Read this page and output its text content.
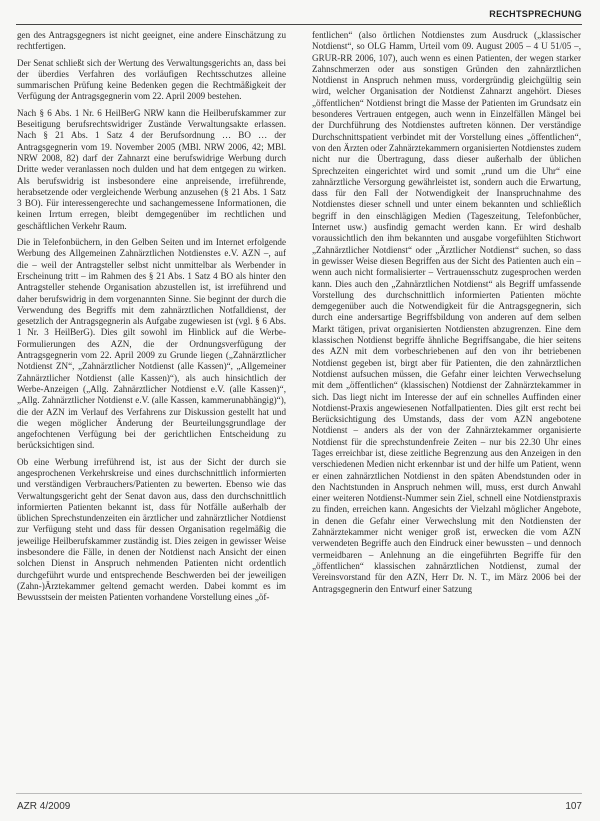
RECHTSPRECHUNG

gen des Antragsgegners ist nicht geeignet, eine andere Einschätzung zu rechtfertigen.

Der Senat schließt sich der Wertung des Verwaltungsgerichts an, dass bei der überdies Verfahren des vorläufigen Rechtsschutzes alleine summarischen Prüfung keine Bedenken gegen die Rechtmäßigkeit der Verfügung der Antragsgegnerin vom 22. April 2009 bestehen.

Nach § 6 Abs. 1 Nr. 6 HeilBerG NRW kann die Heilberufskammer zur Beseitigung berufsrechtswidriger Zustände Verwaltungsakte erlassen. Nach § 21 Abs. 1 Satz 4 der Berufsordnung … BO … der Antragsgegnerin vom 19. November 2005 (MBl. NRW 2006, 42; MBl. NRW 2008, 82) darf der Zahnarzt eine berufswidrige Werbung durch Dritte weder veranlassen noch dulden und hat dem entgegen zu wirken. Als berufswidrig ist insbesondere eine anpreisende, irreführende, herabsetzende oder vergleichende Werbung anzusehen (§ 21 Abs. 1 Satz 3 BO). Für interessengerechte und sachangemessene Informationen, die keinen Irrtum erregen, bleibt demgegenüber im rechtlichen und geschäftlichen Verkehr Raum.

Die in Telefonbüchern, in den Gelben Seiten und im Internet erfolgende Werbung des Allgemeinen Zahnärztlichen Notdienstes e.V. AZN –, auf die – weil der Antragsteller selbst nicht unmittelbar als Werbender in Erscheinung tritt – im Rahmen des § 21 Abs. 1 Satz 4 BO als hinter den Antragsteller stehende Organisation abzustellen ist, ist irreführend und daher berufswidrig in dem vorgenannten Sinne. Sie beginnt der durch die Verwendung des Begriffs mit dem zahnärztlichen Notfalldienst, der gesetzlich der Antragsgegnerin als Aufgabe zugewiesen ist (vgl. § 6 Abs. 1 Nr. 3 HeilBerG). Dies gilt sowohl im Hinblick auf die Werbe-Formulierungen des AZN, die der Ordnungsverfügung der Antragsgegnerin vom 22. April 2009 zu Grunde liegen („Zahnärztlicher Notdienst ZN“, „Zahnärztlicher Notdienst (alle Kassen)“, „Allgemeiner Zahnärztlicher Notdienst (alle Kassen)“), als auch hinsichtlich der Werbe-Anzeigen („Allg. Zahnärztlicher Notdienst e.V. (alle Kassen)“, „Allg. Zahnärztlicher Notdienst e.V. (alle Kassen, kammerunabhängig)“), die der AZN im Verlauf des Verfahrens zur Diskussion gestellt hat und die wegen möglicher Änderung der Beurteilungsgrundlage der angefochtenen Verfügung bei der gerichtlichen Entscheidung zu berücksichtigen sind.

Ob eine Werbung irreführend ist, ist aus der Sicht der durch sie angesprochenen Verkehrskreise und eines durchschnittlich informierten und verständigen Verbrauchers/Patienten zu bewerten. Ebenso wie das Verwaltungsgericht geht der Senat davon aus, dass den durchschnittlich informierten Patienten bekannt ist, dass für Notfälle außerhalb der üblichen Sprechstundenzeiten ein ärztlicher und zahnärztlicher Notdienst zur Verfügung steht und dass für dessen Organisation regelmäßig die jeweilige Heilberufskammer zuständig ist. Dies zeigen in gewisser Weise insbesondere die Fälle, in denen der Notdienst nach Ansicht der einen solchen Dienst in Anspruch nehmenden Patienten nicht ordentlich durchgeführt wurde und entsprechende Beschwerden bei der jeweiligen (Zahn-)Ärztekammer geltend gemacht werden. Dabei kommt es im Bewusstsein der meisten Patienten vorhandene Vorstellung eines „öf-

fentlichen“ (also örtlichen Notdienstes zum Ausdruck („klassischer Notdienst“, so OLG Hamm, Urteil vom 09. August 2005 – 4 U 51/05 –, GRUR-RR 2006, 107), auch wenn es einen Patienten, der wegen starker Zahnschmerzen oder aus sonstigen Gründen den zahnärztlichen Notdienst in Anspruch nehmen muss, vordergründig gleichgültig sein wird, welcher Organisation der Notdienst Zahnarzt angehört. Dieses „öffentlichen“ Notdienst bringt die Masse der Patienten im Grundsatz ein besonderes Vertrauen entgegen, auch wenn in Einzelfällen Mängel bei der Durchführung des Notdienstes auftreten können. Der verständige Durchschnittspatient verbindet mit der Vorstellung eines „öffentlichen“, von den Ärzten oder Zahnärztekammern organisierten Notdienstes zudem nicht nur die Übertragung, dass dieser außerhalb der üblichen Sprechzeiten eingerichtet wird und somit „rund um die Uhr“ eine zahnärztliche Versorgung gewährleistet ist, sondern auch die Erwartung, dass für den Fall der Notwendigkeit der Inanspruchnahme des Notdienstes dieser schnell und unter einem bekannten und schließlich begriff in den einschlägigen Medien (Tageszeitung, Telefonbücher, Internet usw.) ausfindig gemacht werden kann. Er wird deshalb voraussichtlich den ihm bekannten und ausgabe vorgefühlten Stichwort „Zahnärztlicher Notdienst“ oder „Ärztlicher Notdienst“ suchen, so dass in gewisser Weise diesen Begriffen aus der Sicht des Patienten auch ein – wenn auch nicht formalisierter – Vertrauensschutz zugesprochen werden kann. Dies auch den „Zahnärztlichen Notdienst“ als Begriff umfassende Vorstellung des durchschnittlich informierten Patienten möchte demgegenüber auch die Notwendigkeit für die Antragsgegnerin, sich durch eine andersartige Begriffsbildung von anderen auf dem selben Markt tätigen, privat organisierten Notdiensten abzugrenzen. Eine dem klassischen Notdienst begriffe ähnliche Begriffsangabe, die hier seitens des AZN mit dem vorbeschriebenen auf den von ihr betriebenen Notdienst gegeben ist, birgt aber für Patienten, die den zahnärztlichen Notdienst aufsuchen müssen, die Gefahr einer leichten Verwechselung mit dem „öffentlichen“ (klassischen) Notdienst der Zahnärztekammer in sich. Das liegt nicht im Interesse der auf ein schnelles Auffinden einer Notdienst-Praxis angewiesenen Notfallpatienten. Dies gilt erst recht bei Berücksichtigung des Umstands, dass der vom AZN angebotene Notdienst – anders als der von der Zahnärztekammer organisierte Notdienst für die sprechstundenfreie Zeiten – nur bis 22.30 Uhr eines Tages erreichbar ist, diese zeitliche Begrenzung aus den Anzeigen in den verschiedenen Medien nicht erkennbar ist und der hilfe um Patient, wenn er einen zahnärztlichen Notdienst in den späten Abendstunden oder in den Nachtstunden in Anspruch nehmen will, muss, erst durch Anwahl einer weiteren Notdienst-Nummer sein Ziel, schnell eine Notdienstpraxis zu finden, erreichen kann. Angesichts der Vielzahl möglicher Angebote, in denen die Gefahr einer Verwechslung mit den Notdiensten der Zahnärztekammer nicht weniger groß ist, erwecken die vom AZN verwendeten Begriffe auch den Eindruck einer bewussten – und dennoch vermeidbaren – Anlehnung an die eingeführten Begriffe für den „öffentlichen“ klassischen zahnärztlichen Notdienst, zumal der Vereinsvorstand für den AZN, Herr Dr. N. T., im März 2006 bei der Antragsgegnerin den Entwurf einer Satzung

AZR 4/2009	107
